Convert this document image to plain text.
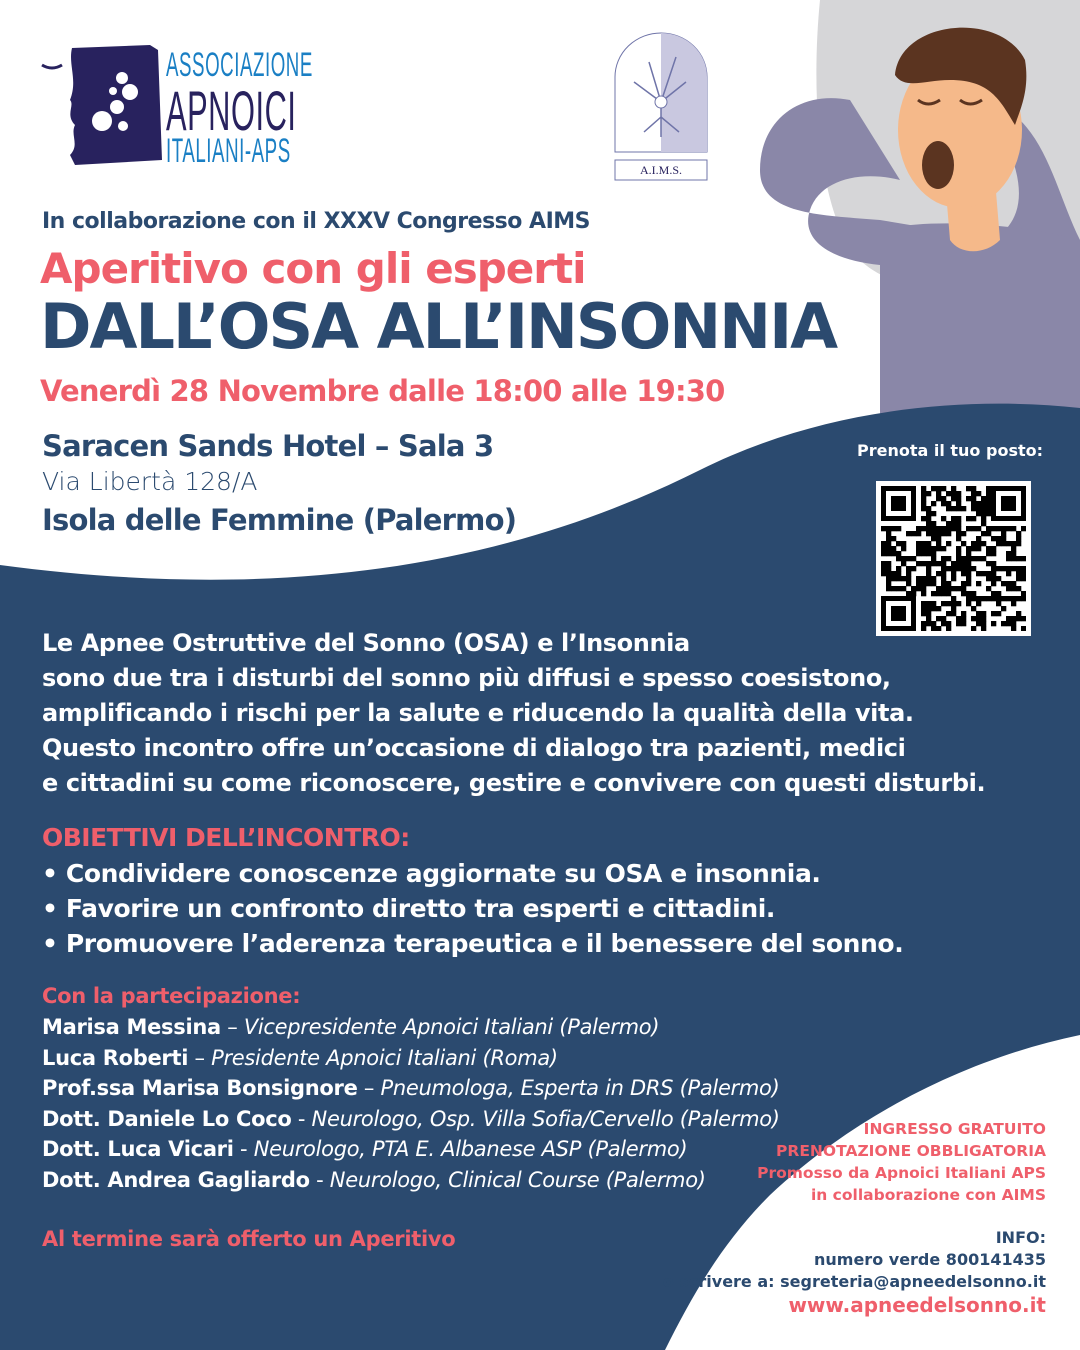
ASSOCIAZIONE
APNOICI
ITALIANI-APS	A.I.M.S.
In collaborazione con il XXXV Congresso AIMS
Aperitivo con gli esperti
DALL’OSA ALL’INSONNIA
Venerdì 28 Novembre dalle 18:00 alle 19:30
Saracen Sands Hotel – Sala 3
Via Libertà 128/A
Isola delle Femmine (Palermo)
Prenota il tuo posto:
Le Apnee Ostruttive del Sonno (OSA) e l’Insonnia
sono due tra i disturbi del sonno più diffusi e spesso coesistono,
amplificando i rischi per la salute e riducendo la qualità della vita.
Questo incontro offre un’occasione di dialogo tra pazienti, medici
e cittadini su come riconoscere, gestire e convivere con questi disturbi.
OBIETTIVI DELL’INCONTRO:
• Condividere conoscenze aggiornate su OSA e insonnia.
• Favorire un confronto diretto tra esperti e cittadini.
• Promuovere l’aderenza terapeutica e il benessere del sonno.
Con la partecipazione:
Marisa Messina – Vicepresidente Apnoici Italiani (Palermo)
Luca Roberti – Presidente Apnoici Italiani (Roma)
Prof.ssa Marisa Bonsignore – Pneumologa, Esperta in DRS (Palermo)
Dott. Daniele Lo Coco - Neurologo, Osp. Villa Sofia/Cervello (Palermo)
Dott. Luca Vicari - Neurologo, PTA E. Albanese ASP (Palermo)
Dott. Andrea Gagliardo - Neurologo, Clinical Course (Palermo)
Al termine sarà offerto un Aperitivo
INGRESSO GRATUITO
PRENOTAZIONE OBBLIGATORIA
Promosso da Apnoici Italiani APS
in collaborazione con AIMS
INFO:
numero verde 800141435
o scrivere a: segreteria@apneedelsonno.it
www.apneedelsonno.it
